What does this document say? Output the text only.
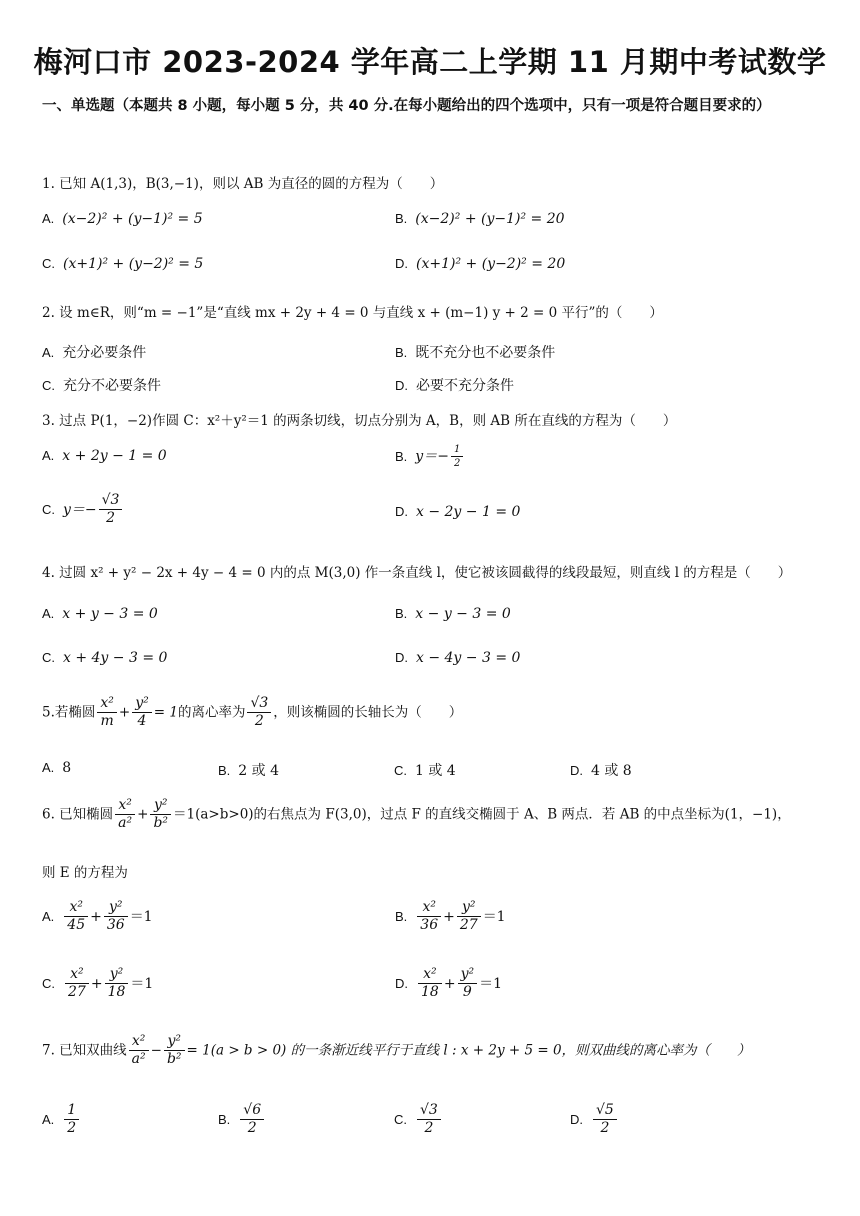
梅河口市 2023-2024 学年高二上学期 11 月期中考试数学
一、单选题（本题共 8 小题，每小题 5 分，共 40 分.在每小题给出的四个选项中，只有一项是符合题目要求的）
1. 已知 A(1,3)，B(3,−1)，则以 AB 为直径的圆的方程为（　　）
A. (x−2)² + (y−1)² = 5	B. (x−2)² + (y−1)² = 20
C. (x+1)² + (y−2)² = 5	D. (x+1)² + (y−2)² = 20
2. 设 m∈R，则“m = −1”是“直线 mx + 2y + 4 = 0 与直线 x + (m−1) y + 2 = 0 平行”的（　　）
A. 充分必要条件	B. 既不充分也不必要条件
C. 充分不必要条件	D. 必要不充分条件
3. 过点 P(1，−2)作圆 C：x²＋y²＝1 的两条切线，切点分别为 A，B，则 AB 所在直线的方程为（　　）
A. x + 2y − 1 = 0	B. $y=- \frac{1}{2}$
C. $y=- \frac{√3}{2}$	D. x − 2y − 1 = 0
4. 过圆 x² + y² − 2x + 4y − 4 = 0 内的点 M(3,0) 作一条直线 l，使它被该圆截得的线段最短，则直线 l 的方程是（　　）
A. x + y − 3 = 0	B. x − y − 3 = 0
C. x + 4y − 3 = 0	D. x − 4y − 3 = 0
5.若椭圆 $\frac{\text{x²}}{m} + \frac{\text{y²}}{4} = 1$的离心率为 $\frac{√3}{2}$ ，则该椭圆的长轴长为（　　）
A. 8	B. 2 或 4	C. 1 或 4	D. 4 或 8
6. 已知椭圆 $\frac{\text{x²}}{\text{a²}} + \frac{\text{y²}}{\text{b²}} =1(a>b>0)$的右焦点为 F(3,0)，过点 F 的直线交椭圆于 A、B 两点．若 AB 的中点坐标为(1，−1)，
则 E 的方程为
A. $\frac{\text{x²}}{45} + \frac{\text{y²}}{36} =1$	B. $\frac{\text{x²}}{36} + \frac{\text{y²}}{27} =1$
C. $\frac{\text{x²}}{27} + \frac{\text{y²}}{18} =1$	D. $\frac{\text{x²}}{18} + \frac{\text{y²}}{9} =1$
7. 已知双曲线 $\frac{\text{x²}}{\text{a²}} - \frac{\text{y²}}{\text{b²}} = 1(a > b > 0)$ 的一条渐近线平行于直线 l : x + 2y + 5 = 0，则双曲线的离心率为（　　）
A. $\frac{1}{2}$	B. $\frac{√6}{2}$	C. $\frac{√3}{2}$	D. $\frac{√5}{2}$
